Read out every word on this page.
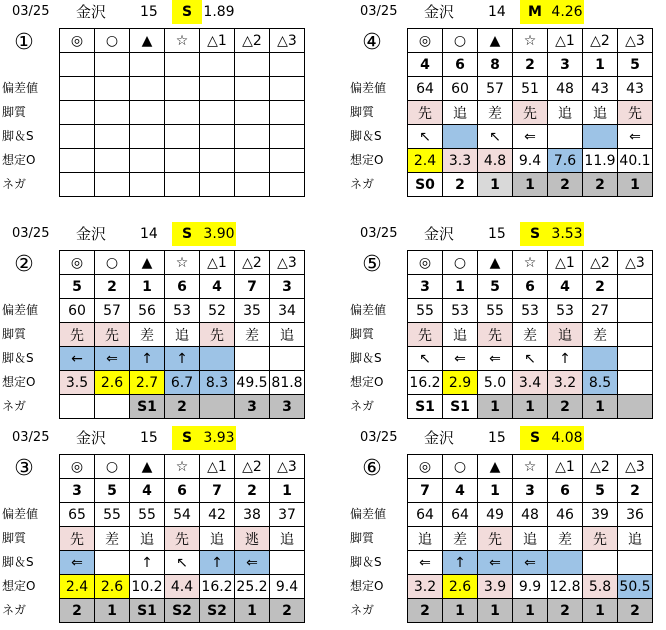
03/25 金沢 15	S 1.89
①
偏差値
脚質
脚＆S
想定O
ネガ
◎	○	▲	☆	△1	△2	△3

03/25 金沢 14	M 4.26
④
偏差値
脚質
脚＆S
想定O
ネガ
◎	○	▲	☆	△1	△2	△3
4	6	8	2	3	1	5
64	60	57	51	48	43	43
先	追	差	先	追	追	先
↖		↖	⇐			⇐
2.4	3.3	4.8	9.4	7.6	11.9	40.1
S0	2	1	1	2	2	1
03/25 金沢 14	S 3.90
②
偏差値
脚質
脚＆S
想定O
ネガ
◎	○	▲	☆	△1	△2	△3
5	2	1	6	4	7	3
60	57	56	53	52	35	34
先	先	差	追	先	差	追
←	⇐	↑	↑			
3.5	2.6	2.7	6.7	8.3	49.5	81.8
		S1	2		3	3
03/25 金沢 15	S 3.53
⑤
偏差値
脚質
脚＆S
想定O
ネガ
◎	○	▲	☆	△1	△2	△3
3	1	5	6	4	2	
55	53	55	53	53	27	
先	追	先	差	追	差	
↖	⇐	⇐	↖	↑		
16.2	2.9	5.0	3.4	3.2	8.5	
S1	S1	1	1	2	1	
03/25 金沢 15	S 3.93
③
偏差値
脚質
脚＆S
想定O
ネガ
◎	○	▲	☆	△1	△2	△3
3	5	4	6	7	2	1
65	55	55	54	42	38	37
先	差	追	先	追	逃	追
⇐		↑	↖	↑	⇐	
2.4	2.6	10.2	4.4	16.2	25.2	9.4
2	1	S1	S2	S2	1	2
03/25 金沢 15	S 4.08
⑥
偏差値
脚質
脚＆S
想定O
ネガ
◎	○	▲	☆	△1	△2	△3
7	4	1	3	6	5	2
64	64	49	48	46	39	36
追	差	先	追	差	先	追
⇐	↑	⇐	⇐			
3.2	2.6	3.9	9.9	12.8	5.8	50.5
2	1	1	1	2	1	2
